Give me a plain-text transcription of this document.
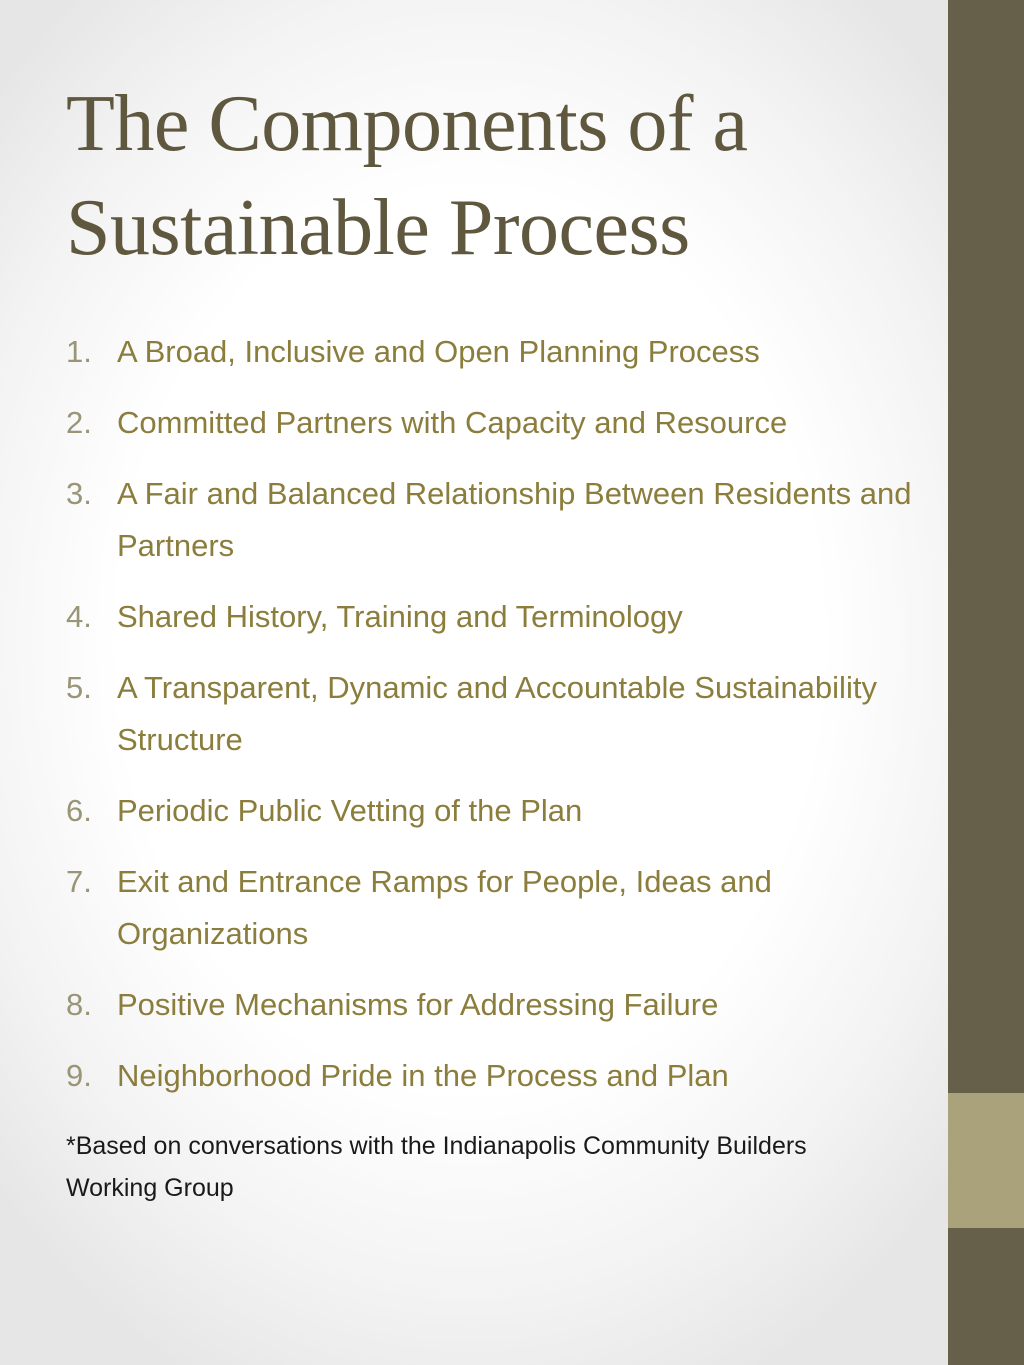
The Components of a
Sustainable Process
1. A Broad, Inclusive and Open Planning Process
2. Committed Partners with Capacity and Resource
3. A Fair and Balanced Relationship Between Residents and Partners
4. Shared History, Training and Terminology
5. A Transparent, Dynamic and Accountable Sustainability Structure
6. Periodic Public Vetting of the Plan
7. Exit and Entrance Ramps for People, Ideas and Organizations
8. Positive Mechanisms for Addressing Failure
9. Neighborhood Pride in the Process and Plan

*Based on conversations with the Indianapolis Community Builders Working Group
